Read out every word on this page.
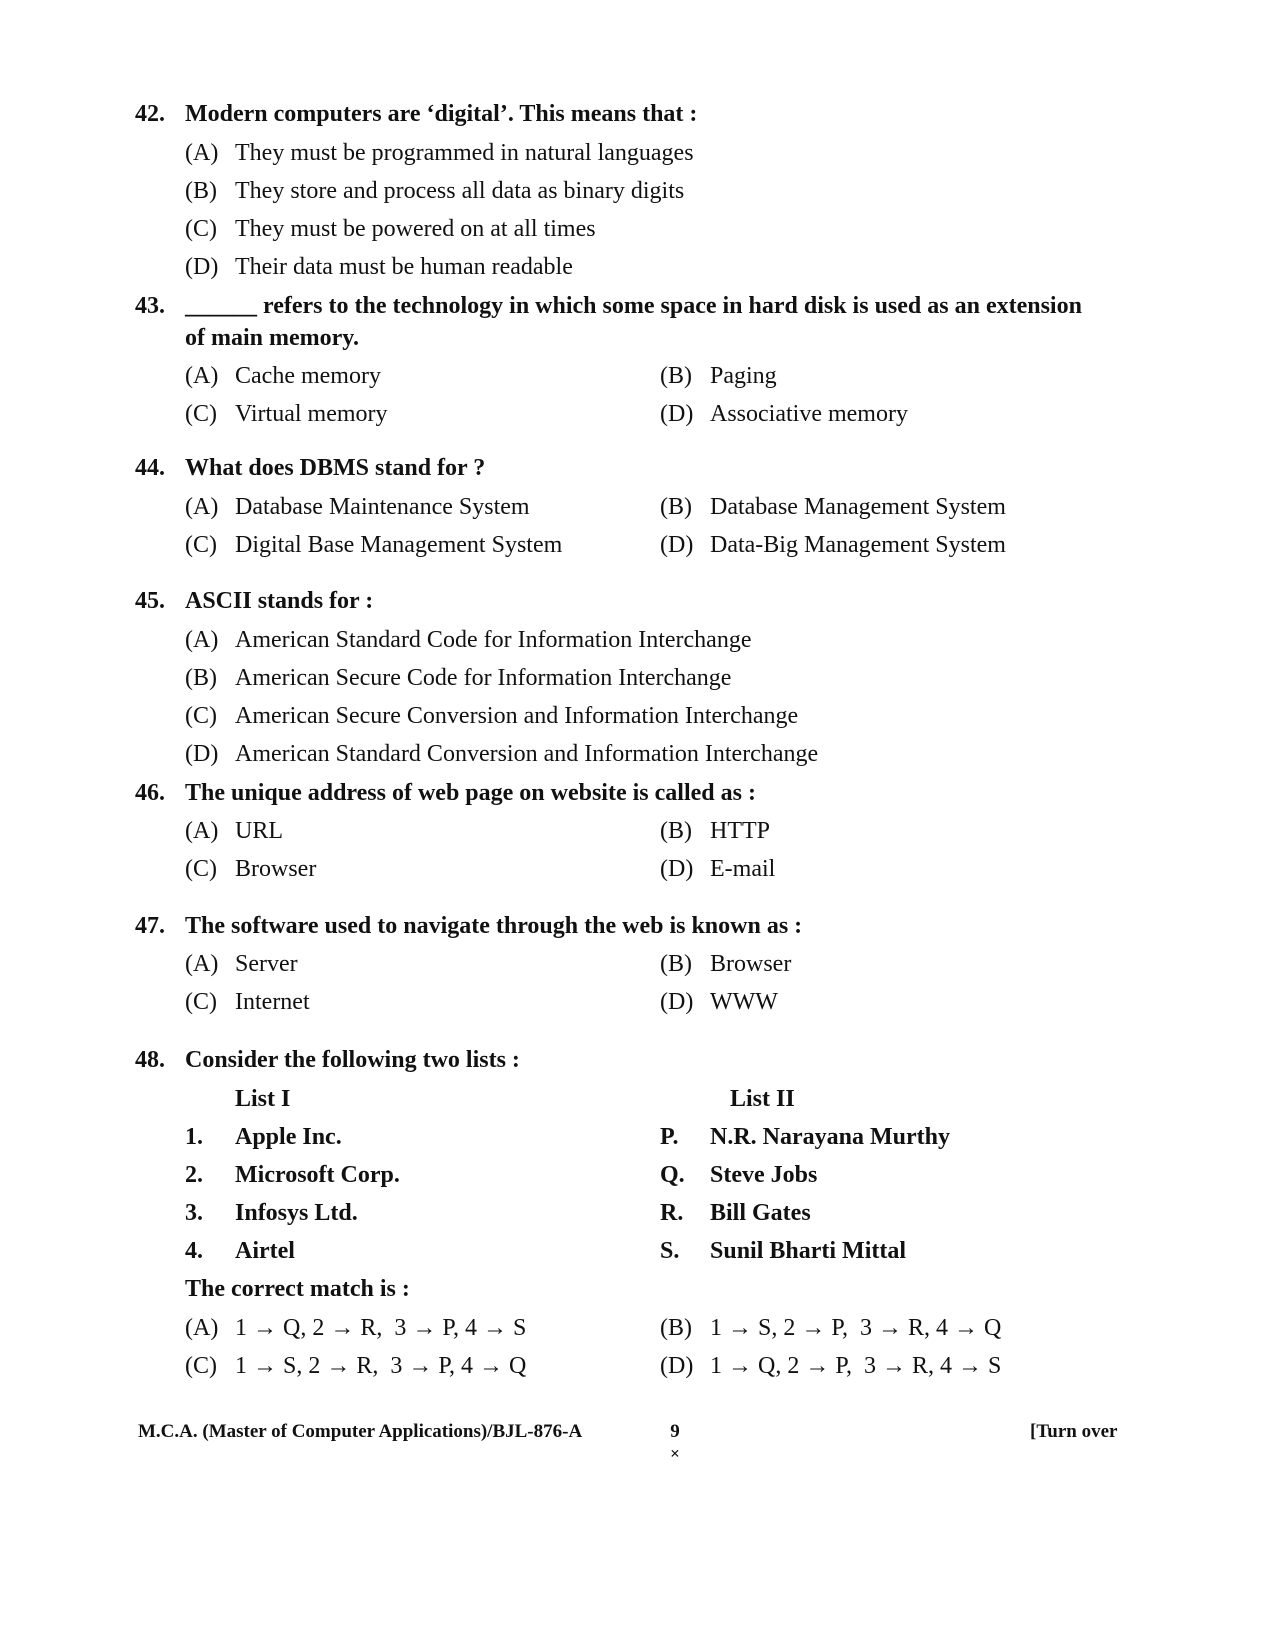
42. Modern computers are ‘digital’. This means that :
(A) They must be programmed in natural languages
(B) They store and process all data as binary digits
(C) They must be powered on at all times
(D) Their data must be human readable
43. ______ refers to the technology in which some space in hard disk is used as an extension of main memory.
(A) Cache memory	(B) Paging
(C) Virtual memory	(D) Associative memory
44. What does DBMS stand for ?
(A) Database Maintenance System	(B) Database Management System
(C) Digital Base Management System	(D) Data-Big Management System
45. ASCII stands for :
(A) American Standard Code for Information Interchange
(B) American Secure Code for Information Interchange
(C) American Secure Conversion and Information Interchange
(D) American Standard Conversion and Information Interchange
46. The unique address of web page on website is called as :
(A) URL	(B) HTTP
(C) Browser	(D) E-mail
47. The software used to navigate through the web is known as :
(A) Server	(B) Browser
(C) Internet	(D) WWW
48. Consider the following two lists :
List I	List II
1. Apple Inc.	P. N.R. Narayana Murthy
2. Microsoft Corp.	Q. Steve Jobs
3. Infosys Ltd.	R. Bill Gates
4. Airtel	S. Sunil Bharti Mittal
The correct match is :
(A) 1 → Q, 2 → R,  3 → P, 4 → S	(B) 1 → S, 2 → P,  3 → R, 4 → Q
(C) 1 → S, 2 → R,  3 → P, 4 → Q	(D) 1 → Q, 2 → P,  3 → R, 4 → S
M.C.A. (Master of Computer Applications)/BJL-876-A	9
×
[Turn over
